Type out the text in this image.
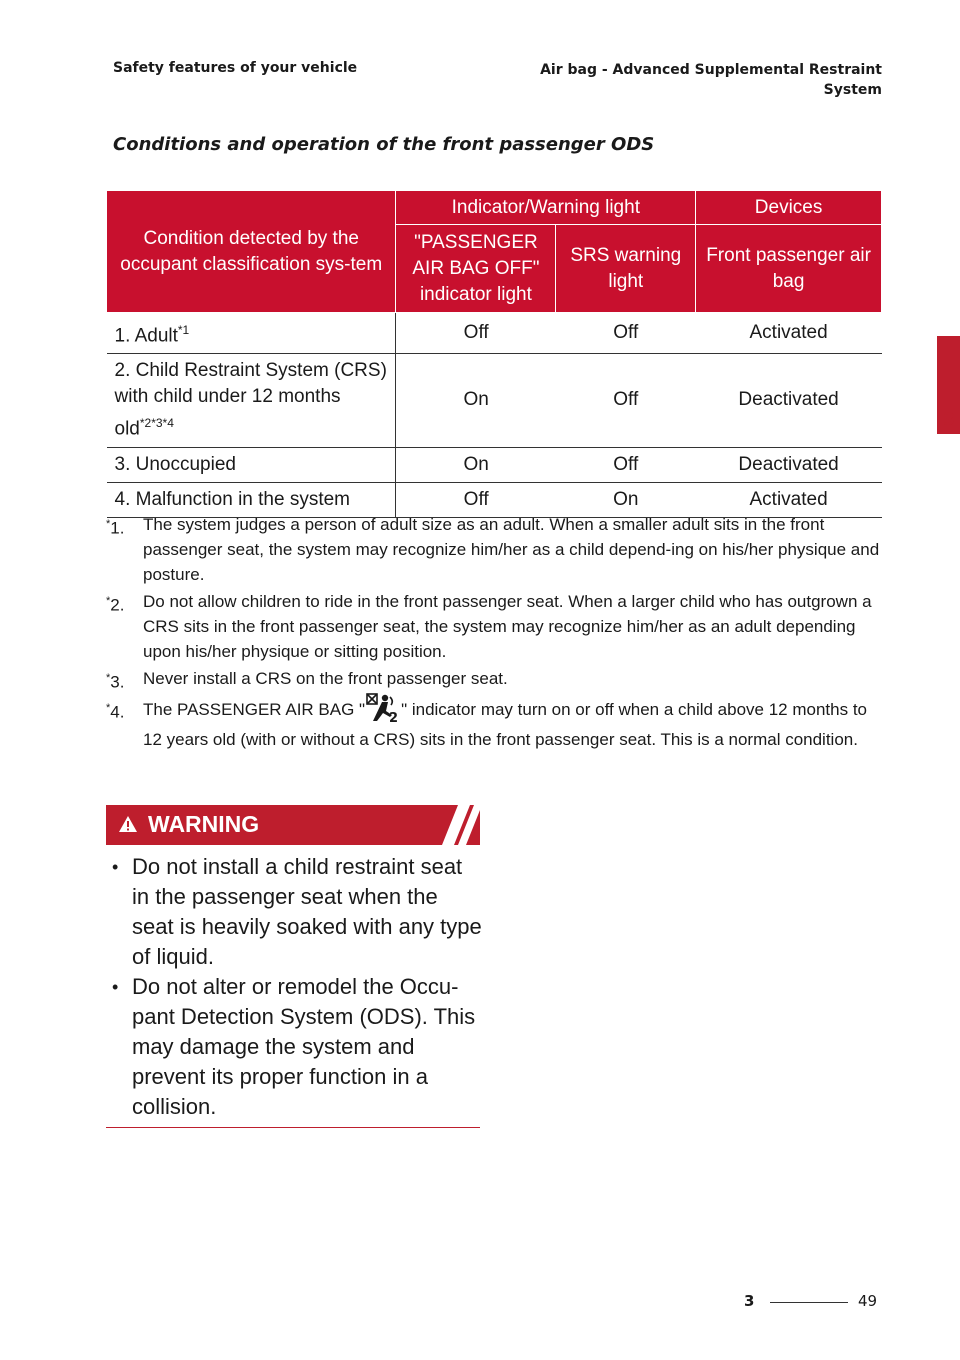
Safety features of your vehicle	Air bag - Advanced Supplemental Restraint
System
3
Conditions and operation of the front passenger ODS
Condition detected by the occupant classification sys-tem	Indicator/Warning light		Devices
	"PASSENGER AIR BAG OFF" indicator light	SRS warning light	Front passenger air bag
1. Adult$^{*1}$	Off	Off	Activated
2. Child Restraint System (CRS) with child under 12 months old$^{*2*3*4}$	On	Off	Deactivated
3. Unoccupied	On	Off	Deactivated
4. Malfunction in the system	Off	On	Activated
*1. The system judges a person of adult size as an adult. When a smaller adult sits in the front passenger seat, the system may recognize him/her as a child depend-ing on his/her physique and posture.
*2. Do not allow children to ride in the front passenger seat. When a larger child who has outgrown a CRS sits in the front passenger seat, the system may recognize him/her as an adult depending upon his/her physique or sitting position.
*3. Never install a CRS on the front passenger seat.
*4. The PASSENGER AIR BAG " 2 " indicator may turn on or off when a child above 12 months to 12 years old (with or without a CRS) sits in the front passenger seat. This is a normal condition.
WARNING
• Do not install a child restraint seat in the passenger seat when the seat is heavily soaked with any type of liquid.
• Do not alter or remodel the Occu-pant Detection System (ODS). This may damage the system and prevent its proper function in a collision.
3	49
